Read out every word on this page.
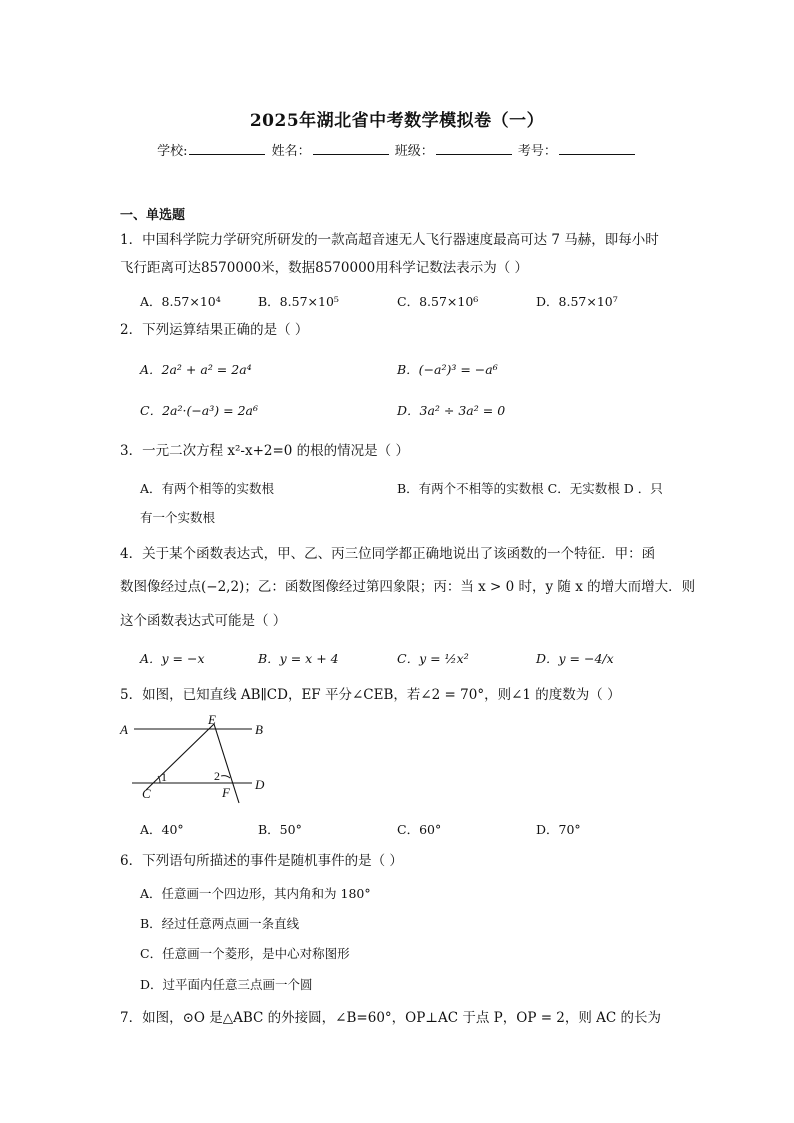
2025年湖北省中考数学模拟卷（一）
学校:	姓名：	班级：	考号：
一、单选题
1．中国科学院力学研究所研发的一款高超音速无人飞行器速度最高可达 7 马赫，即每小时
飞行距离可达8570000米，数据8570000用科学记数法表示为（ ）
A．8.57×10⁴	B．8.57×10⁵	C．8.57×10⁶	D．8.57×10⁷
2．下列运算结果正确的是（ ）
A．2a² + a² = 2a⁴	B．(−a²)³ = −a⁶
C．2a²·(−a³) = 2a⁶	D．3a² ÷ 3a² = 0
3．一元二次方程 x²-x+2=0 的根的情况是（ ）
A．有两个相等的实数根	B．有两个不相等的实数根 C．无实数根 D ．只
有一个实数根
4．关于某个函数表达式，甲、乙、丙三位同学都正确地说出了该函数的一个特征．甲：函
数图像经过点(−2,2)；乙：函数图像经过第四象限；丙：当 x > 0 时，y 随 x 的增大而增大．则
这个函数表达式可能是（ ）
A．y = −x	B．y = x + 4	C．y = ½x²	D．y = −4/x
5．如图，已知直线 AB∥CD，EF 平分∠CEB，若∠2 = 70°，则∠1 的度数为（ ）
A	B
C
D
E
F
1	2
A．40°	B．50°	C．60°	D．70°
6．下列语句所描述的事件是随机事件的是（ ）
A．任意画一个四边形，其内角和为 180°
B．经过任意两点画一条直线
C．任意画一个菱形，是中心对称图形
D．过平面内任意三点画一个圆
7．如图，⊙O 是△ABC 的外接圆，∠B=60°，OP⊥AC 于点 P，OP = 2，则 AC 的长为
